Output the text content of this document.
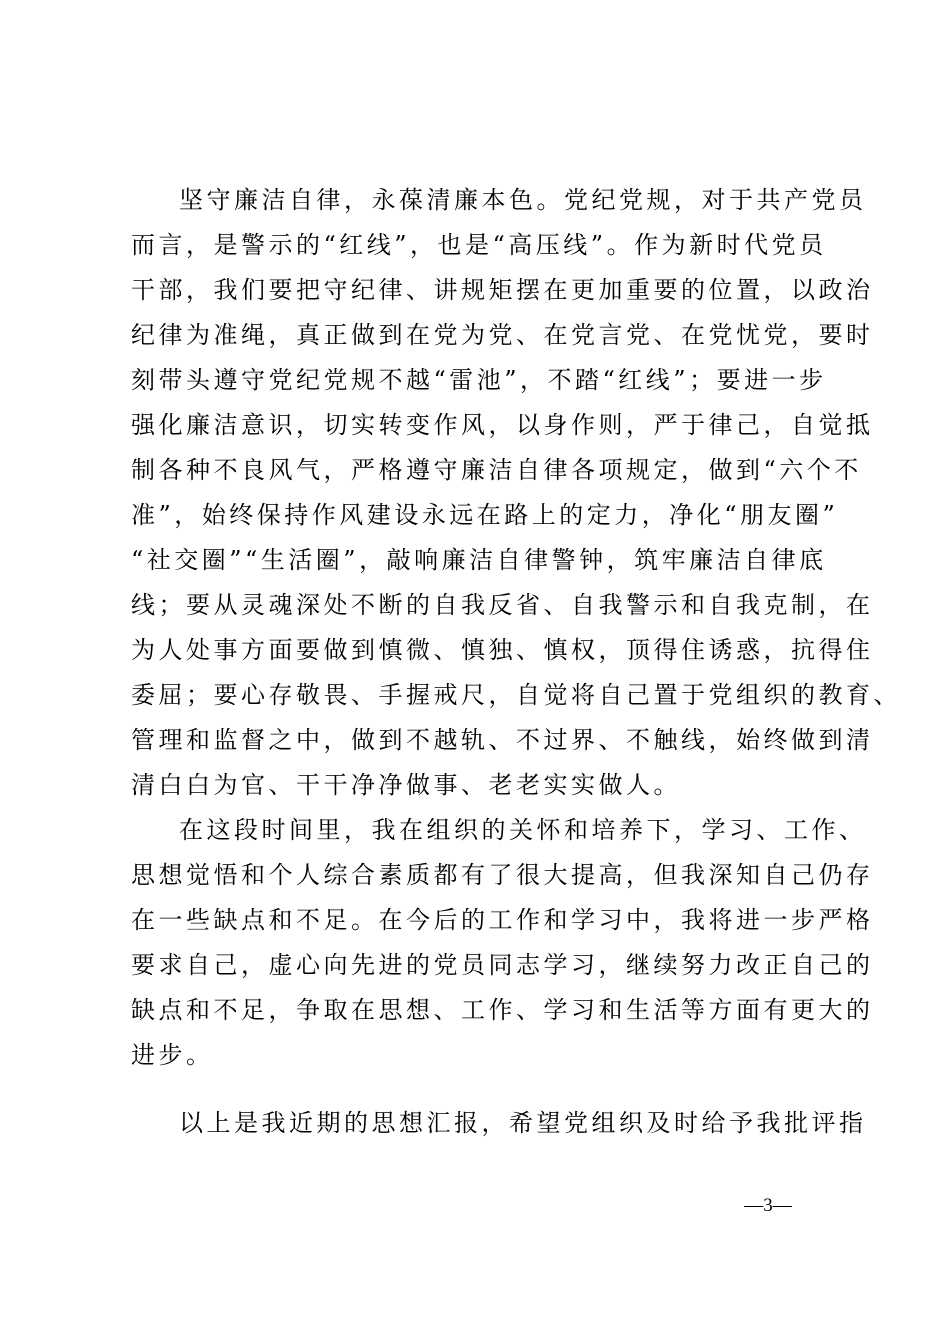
坚守廉洁自律，永葆清廉本色。党纪党规，对于共产党员
而言，是警示的“红线”，也是“高压线”。作为新时代党员
干部，我们要把守纪律、讲规矩摆在更加重要的位置，以政治
纪律为准绳，真正做到在党为党、在党言党、在党忧党，要时
刻带头遵守党纪党规不越“雷池”，不踏“红线”；要进一步
强化廉洁意识，切实转变作风，以身作则，严于律己，自觉抵
制各种不良风气，严格遵守廉洁自律各项规定，做到“六个不
准”，始终保持作风建设永远在路上的定力，净化“朋友圈”
“社交圈”“生活圈”，敲响廉洁自律警钟，筑牢廉洁自律底
线；要从灵魂深处不断的自我反省、自我警示和自我克制，在
为人处事方面要做到慎微、慎独、慎权，顶得住诱惑，抗得住
委屈；要心存敬畏、手握戒尺，自觉将自己置于党组织的教育、
管理和监督之中，做到不越轨、不过界、不触线，始终做到清
清白白为官、干干净净做事、老老实实做人。
在这段时间里，我在组织的关怀和培养下，学习、工作、
思想觉悟和个人综合素质都有了很大提高，但我深知自己仍存
在一些缺点和不足。在今后的工作和学习中，我将进一步严格
要求自己，虚心向先进的党员同志学习，继续努力改正自己的
缺点和不足，争取在思想、工作、学习和生活等方面有更大的
进步。
以上是我近期的思想汇报，希望党组织及时给予我批评指
—3—
